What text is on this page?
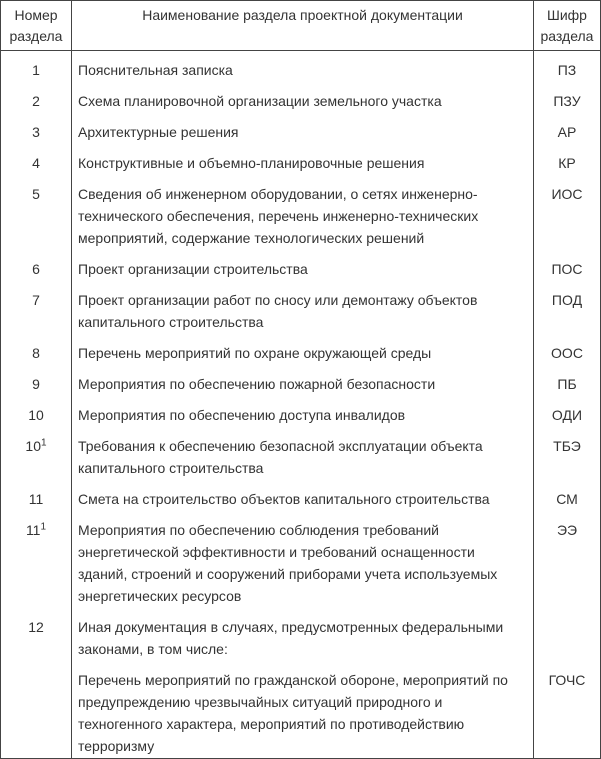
Номер раздела	Наименование раздела проектной документации	Шифр раздела
1	Пояснительная записка	ПЗ
2	Схема планировочной организации земельного участка	ПЗУ
3	Архитектурные решения	АР
4	Конструктивные и объемно-планировочные решения	КР
5	Сведения об инженерном оборудовании, о сетях инженерно-технического обеспечения, перечень инженерно-технических мероприятий, содержание технологических решений	ИОС
6	Проект организации строительства	ПОС
7	Проект организации работ по сносу или демонтажу объектов капитального строительства	ПОД
8	Перечень мероприятий по охране окружающей среды	ООС
9	Мероприятия по обеспечению пожарной безопасности	ПБ
10	Мероприятия по обеспечению доступа инвалидов	ОДИ
$10^1$	Требования к обеспечению безопасной эксплуатации объекта капитального строительства	ТБЭ
11	Смета на строительство объектов капитального строительства	СМ
$11^1$	Мероприятия по обеспечению соблюдения требований энергетической эффективности и требований оснащенности зданий, строений и сооружений приборами учета используемых энергетических ресурсов	ЭЭ
12	Иная документация в случаях, предусмотренных федеральными законами, в том числе:	
	Перечень мероприятий по гражданской обороне, мероприятий по предупреждению чрезвычайных ситуаций природного и техногенного характера, мероприятий по противодействию терроризму	ГОЧС
